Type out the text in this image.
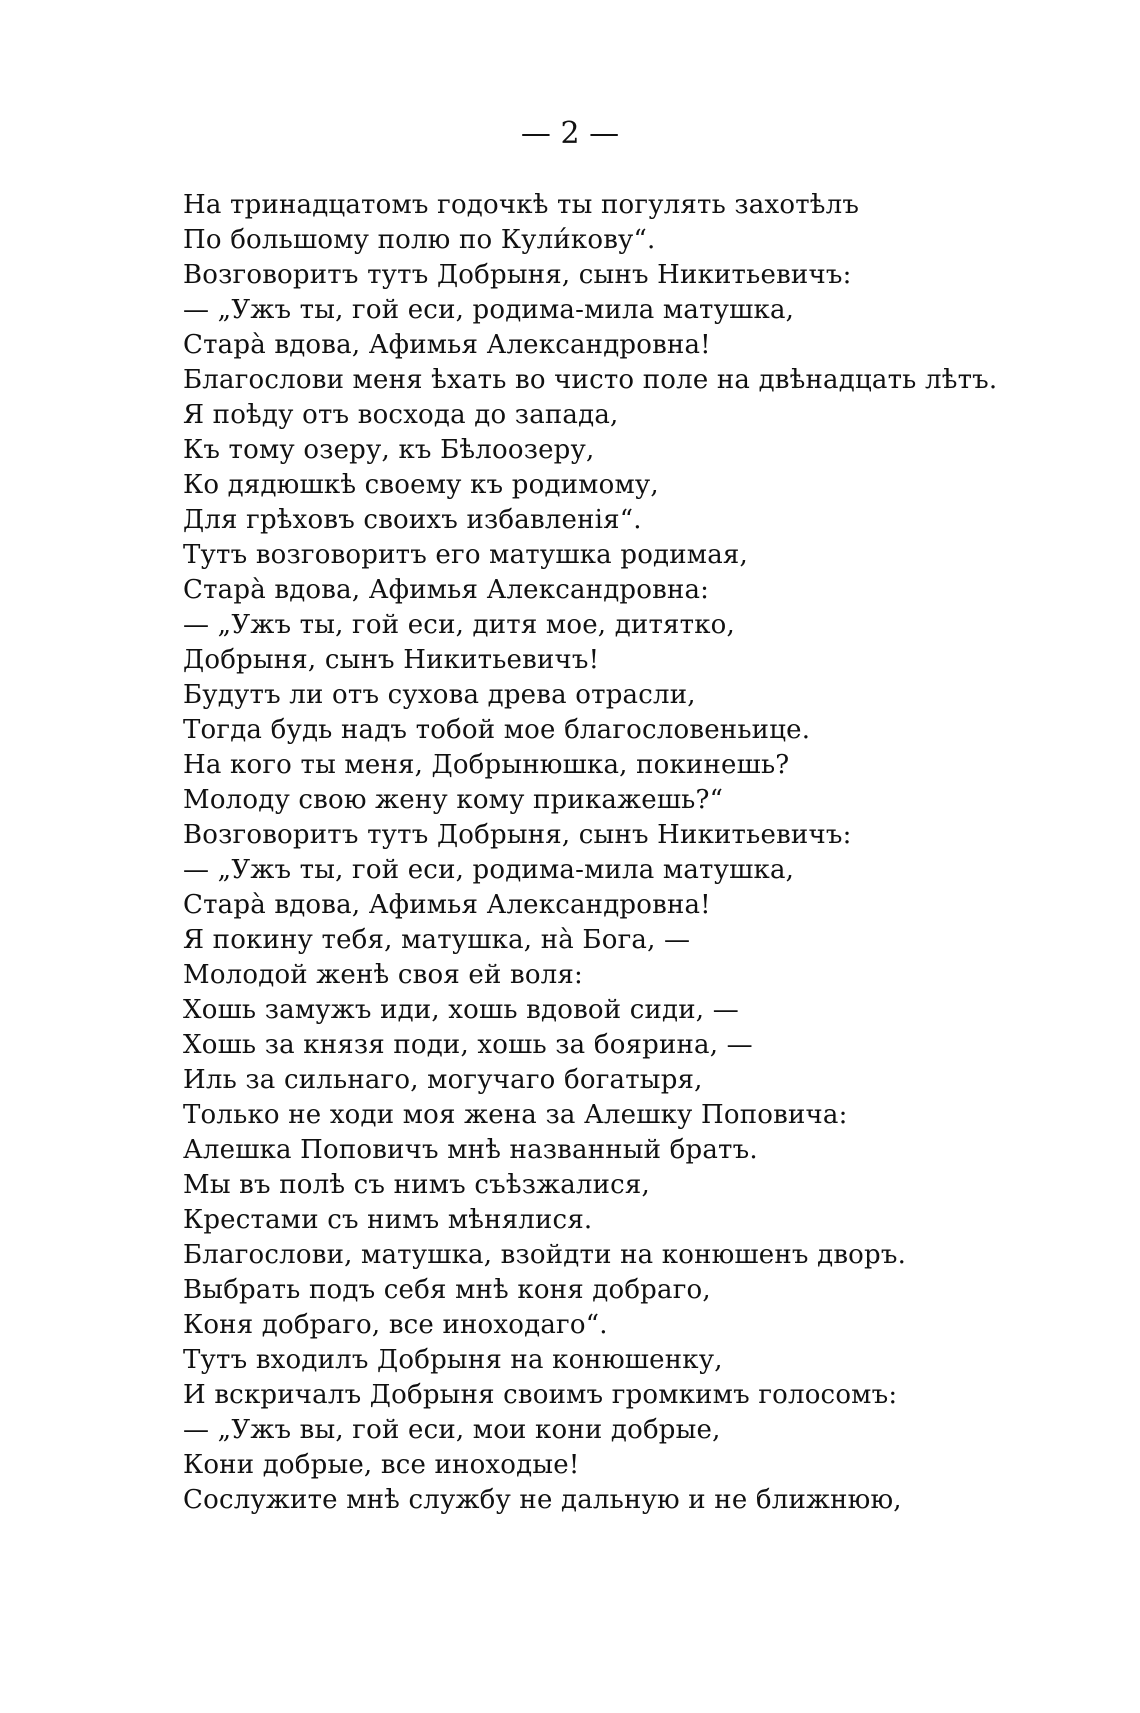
— 2 —

На тринадцатомъ годочкѣ ты погулять захотѣлъ
По большому полю по Кули́кову“.
Возговоритъ тутъ Добрыня, сынъ Никитьевичъ:
— „Ужъ ты, гой еси, родима-мила матушка,
Стара̀ вдова, Афимья Александровна!
Благослови меня ѣхать во чисто поле на двѣнадцать лѣтъ.
Я поѣду отъ восхода до запада,
Къ тому озеру, къ Бѣлоозеру,
Ко дядюшкѣ своему къ родимому,
Для грѣховъ своихъ избавленія“.
Тутъ возговоритъ его матушка родимая,
Стара̀ вдова, Афимья Александровна:
— „Ужъ ты, гой еси, дитя мое, дитятко,
Добрыня, сынъ Никитьевичъ!
Будутъ ли отъ сухова древа отрасли,
Тогда будь надъ тобой мое благословеньице.
На кого ты меня, Добрынюшка, покинешь?
Молоду свою жену кому прикажешь?“
Возговоритъ тутъ Добрыня, сынъ Никитьевичъ:
— „Ужъ ты, гой еси, родима-мила матушка,
Стара̀ вдова, Афимья Александровна!
Я покину тебя, матушка, на̀ Бога, —
Молодой женѣ своя ей воля:
Хошь замужъ иди, хошь вдовой сиди, —
Хошь за князя поди, хошь за боярина, —
Иль за сильнаго, могучаго богатыря,
Только не ходи моя жена за Алешку Поповича:
Алешка Поповичъ мнѣ названный братъ.
Мы въ полѣ съ нимъ съѣзжалися,
Крестами съ нимъ мѣнялися.
Благослови, матушка, взойдти на конюшенъ дворъ.
Выбрать подъ себя мнѣ коня добраго,
Коня добраго, все иноходаго“.
Тутъ входилъ Добрыня на конюшенку,
И вскричалъ Добрыня своимъ громкимъ голосомъ:
— „Ужъ вы, гой еси, мои кони добрые,
Кони добрые, все иноходые!
Сослужите мнѣ службу не дальную и не ближнюю,
